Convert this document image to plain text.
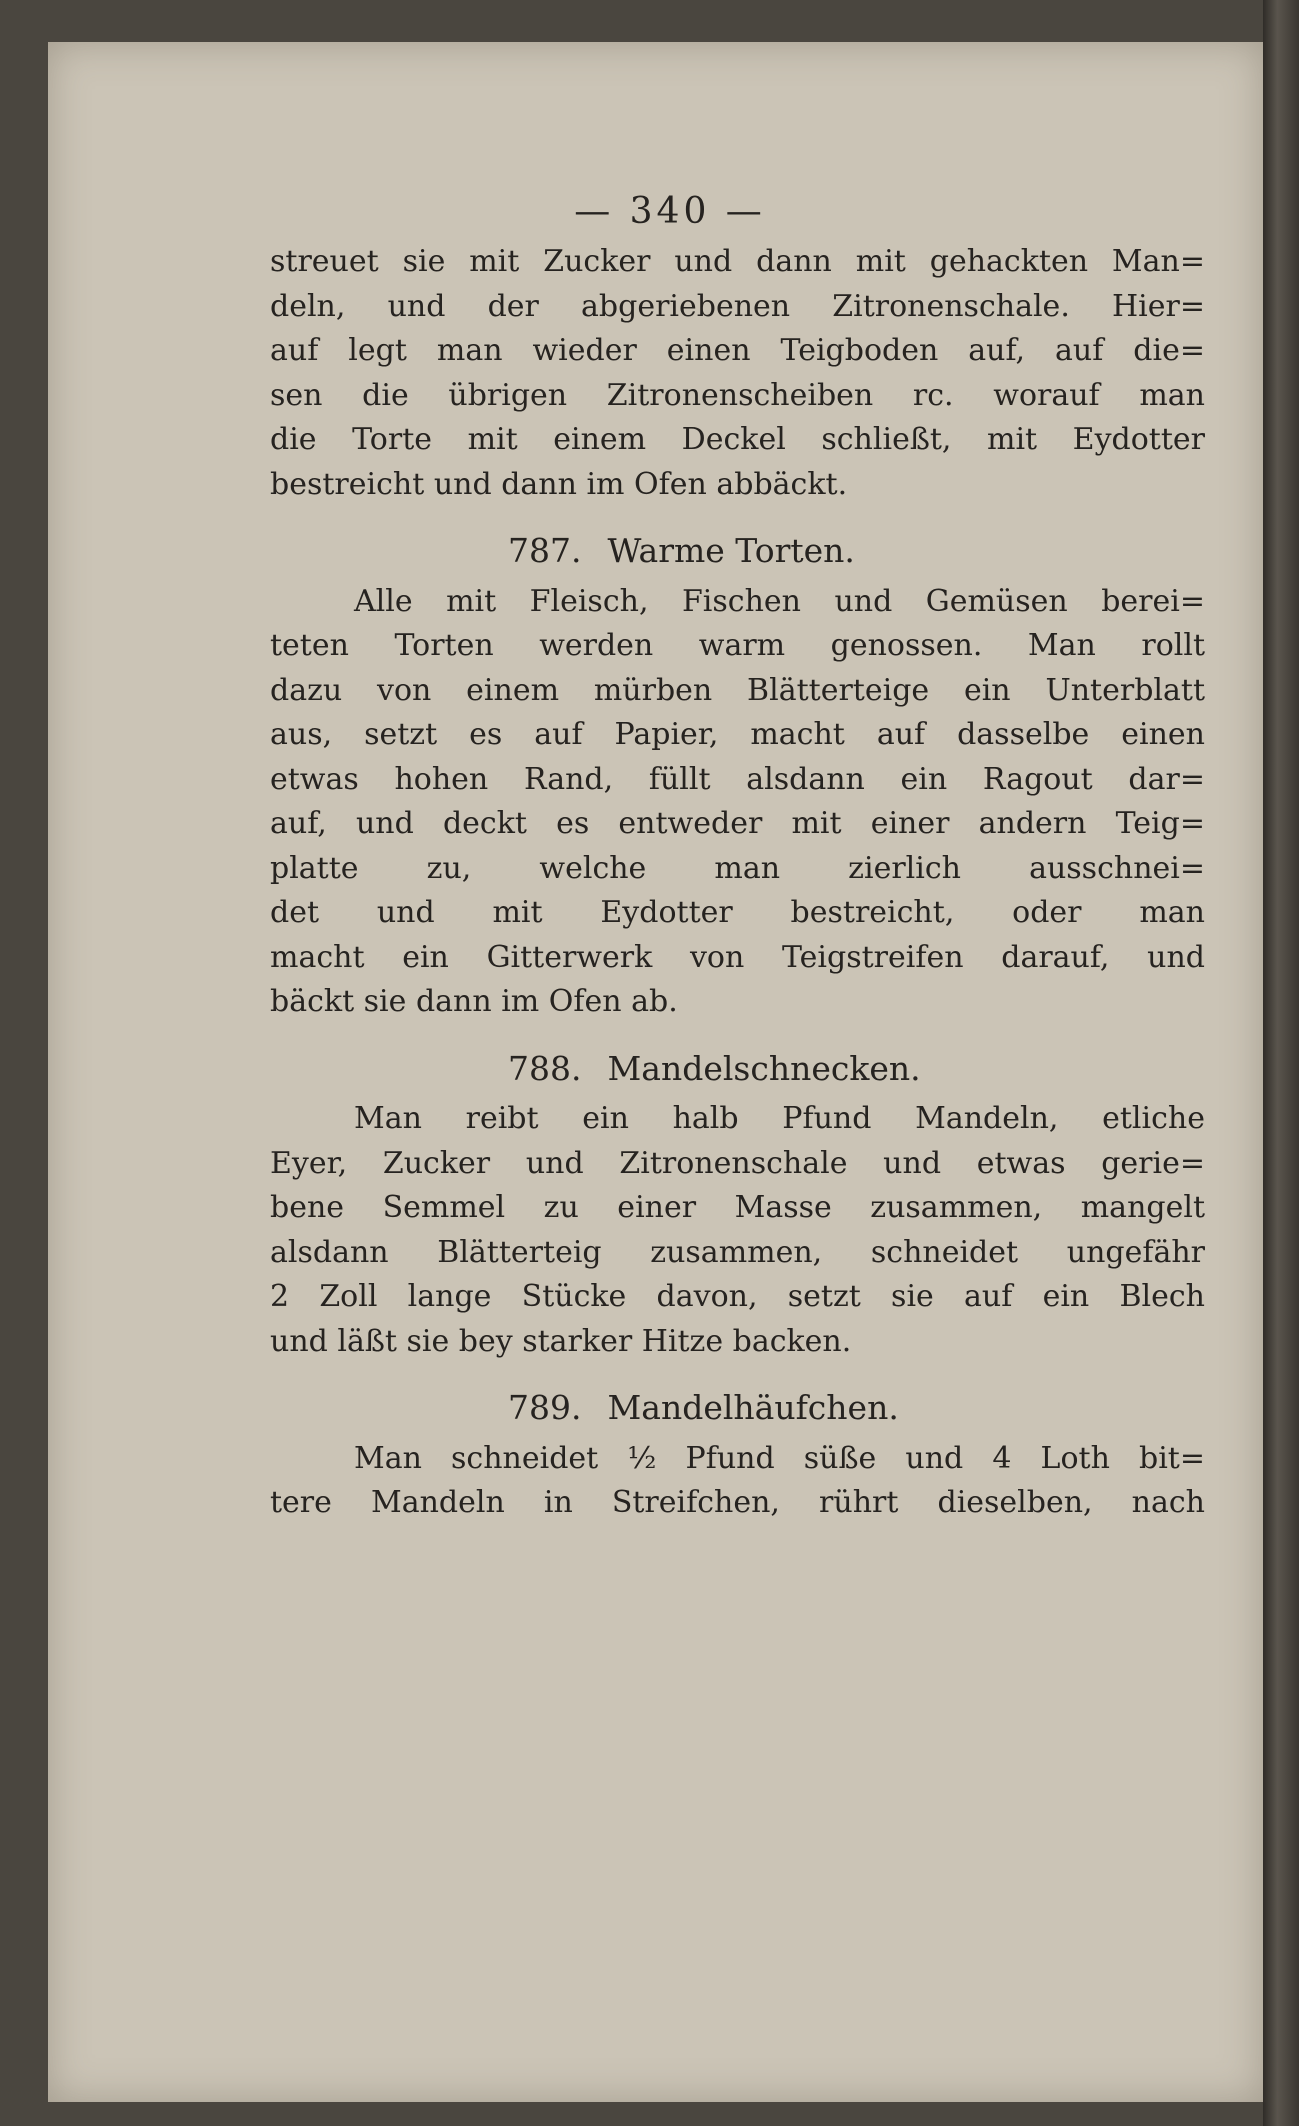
— 340 —
streuet sie mit Zucker und dann mit gehackten Man=
deln, und der abgeriebenen Zitronenschale. Hier=
auf legt man wieder einen Teigboden auf, auf die=
sen die übrigen Zitronenscheiben rc. worauf man
die Torte mit einem Deckel schließt, mit Eydotter
bestreicht und dann im Ofen abbäckt.
787. Warme Torten.
Alle mit Fleisch, Fischen und Gemüsen berei=
teten Torten werden warm genossen. Man rollt
dazu von einem mürben Blätterteige ein Unterblatt
aus, setzt es auf Papier, macht auf dasselbe einen
etwas hohen Rand, füllt alsdann ein Ragout dar=
auf, und deckt es entweder mit einer andern Teig=
platte zu, welche man zierlich ausschnei=
det und mit Eydotter bestreicht, oder man
macht ein Gitterwerk von Teigstreifen darauf, und
bäckt sie dann im Ofen ab.
788. Mandelschnecken.
Man reibt ein halb Pfund Mandeln, etliche
Eyer, Zucker und Zitronenschale und etwas gerie=
bene Semmel zu einer Masse zusammen, mangelt
alsdann Blätterteig zusammen, schneidet ungefähr
2 Zoll lange Stücke davon, setzt sie auf ein Blech
und läßt sie bey starker Hitze backen.
789. Mandelhäufchen.
Man schneidet ½ Pfund süße und 4 Loth bit=
tere Mandeln in Streifchen, rührt dieselben, nach
